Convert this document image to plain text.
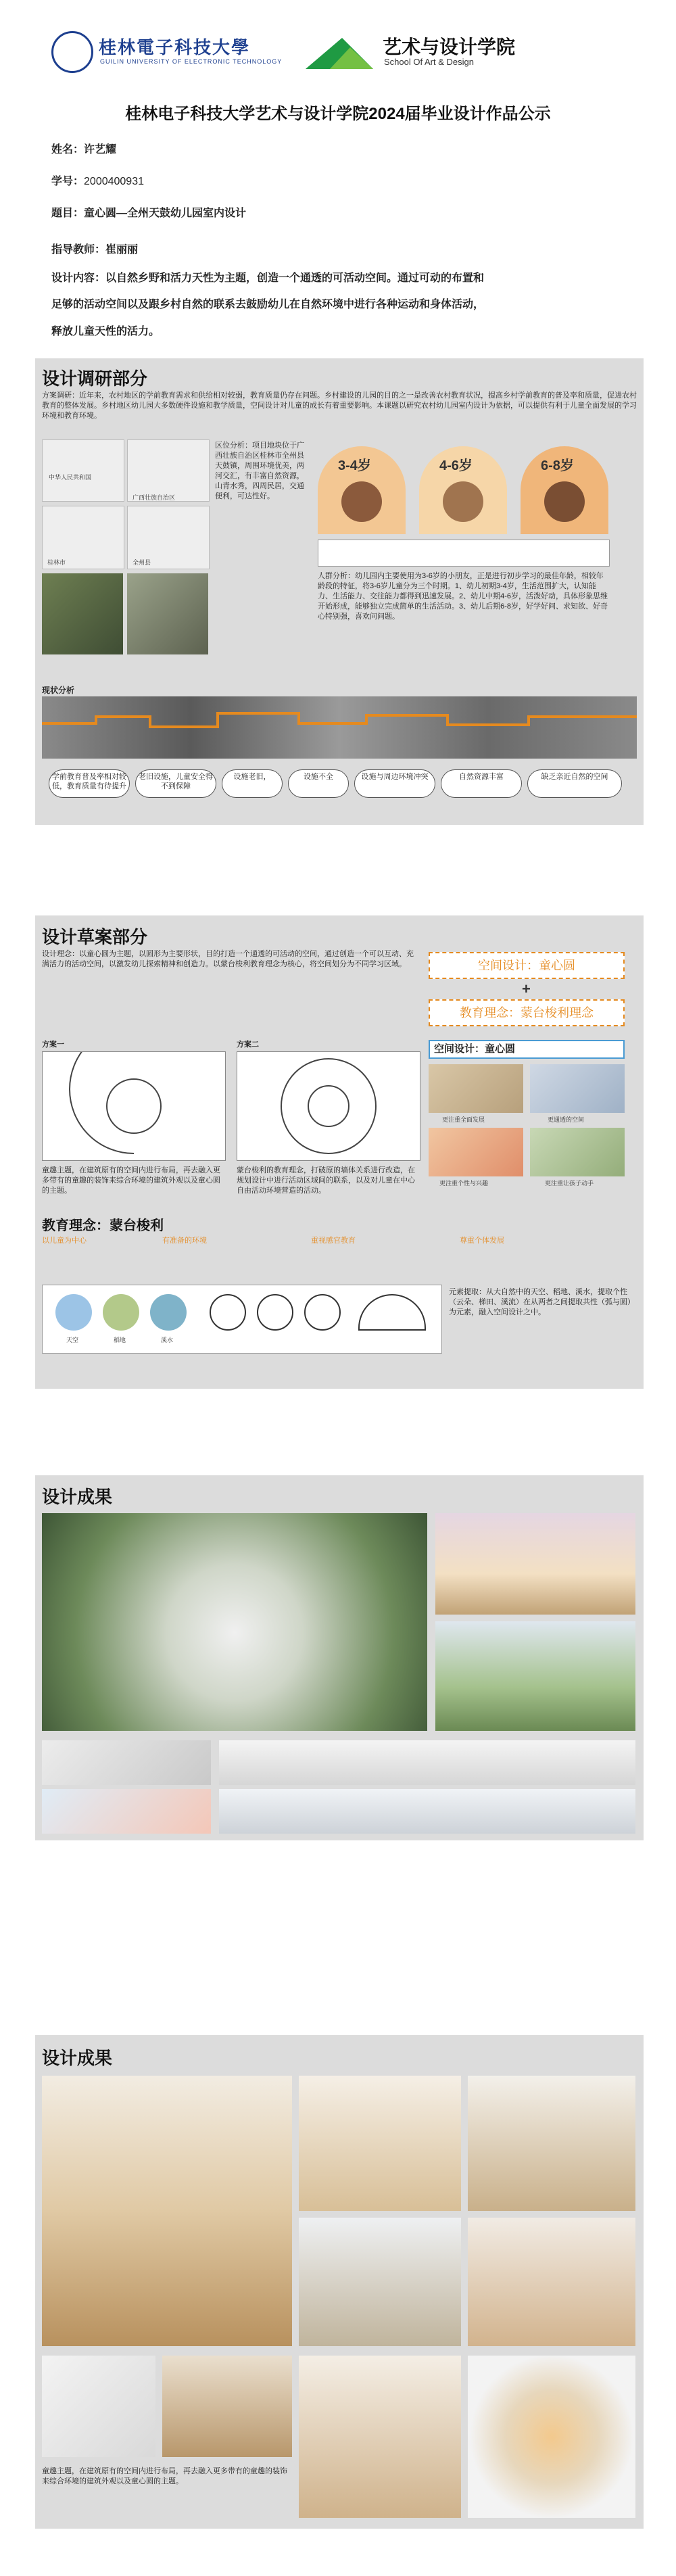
桂林電子科技大學
GUILIN UNIVERSITY OF ELECTRONIC TECHNOLOGY
艺术与设计学院
School Of Art & Design
桂林电子科技大学艺术与设计学院2024届毕业设计作品公示
姓名：许艺耀
学号：2000400931
题目：童心圆—全州天鼓幼儿园室内设计
指导教师：崔丽丽
设计内容：以自然乡野和活力天性为主题，创造一个通透的可活动空间。通过可动的布置和
足够的活动空间以及跟乡村自然的联系去鼓励幼儿在自然环境中进行各种运动和身体活动，
释放儿童天性的活力。
设计调研部分
方案调研：近年来，农村地区的学前教育需求和供给相对较弱，教育质量仍存在问题。乡村建设的儿园的目的之一是改善农村教育状况，提高乡村学前教育的普及率和质量，促进农村教育的整体发展。乡村地区幼儿园大多数硬件设施和教学质量，空间设计对儿童的成长有着重要影响。本课题以研究农村幼儿园室内设计为依据，可以提供有利于儿童全面发展的学习环境和教育环境。
中华人民共和国
广西壮族自治区
桂林市	全州县
区位分析：项目地块位于广西壮族自治区桂林市全州县天鼓镇，周围环境优美，两河交汇，有丰富自然资源，山青水秀，四周民居，交通便利，可达性好。
3-4岁	4-6岁	6-8岁
人群分析：幼儿园内主要使用为3-6岁的小朋友，正是进行初步学习的最佳年龄，相较年龄段的特征，将3-6岁儿童分为三个时期。1、幼儿初期3-4岁，生活范围扩大，认知能力、生活能力、交往能力都得到迅速发展。2、幼儿中期4-6岁，活泼好动，具体形象思维开始形成，能够独立完成简单的生活活动。3、幼儿后期6-8岁，好学好问、求知欲、好奇心特别强，喜欢问问题。
现状分析
学前教育普及率相对较低，教育质量有待提升
老旧设施，儿童安全得不到保障
设施老旧，	设施不全	设施与周边环境冲突	自然资源丰富	缺乏亲近自然的空间
设计草案部分
设计理念：以童心圆为主题，以圆形为主要形状，目的打造一个通透的可活动的空间，通过创造一个可以互动、充满活力的活动空间，以激发幼儿探索精神和创造力。以蒙台梭利教育理念为核心，将空间划分为不同学习区域。	空间设计：童心圆
+
教育理念：蒙台梭利理念
方案一	方案二
童趣主题，在建筑原有的空间内进行布局，再去融入更多带有的童趣的装饰来综合环境的建筑外观以及童心圆的主题。
蒙台梭利的教育理念，打破原的墙体关系进行改造，在规划设计中进行活动区域间的联系，以及对儿童在中心自由活动环境营造的活动。
空间设计：童心圆
更注重全面发展	更通透的空间
更注重个性与兴趣	更注重让孩子动手
教育理念：蒙台梭利
以儿童为中心	有准备的环境	重视感官教育	尊重个体发展
天空	稻地	溪水
元素提取：从大自然中的天空、稻地、溪水，提取个性（云朵、梯田、溪流）在从两者之间提取共性（弧与圆）为元素，融入空间设计之中。
设计成果
设计成果
童趣主题，在建筑原有的空间内进行布局，再去融入更多带有的童趣的装饰来综合环境的建筑外观以及童心圆的主题。
